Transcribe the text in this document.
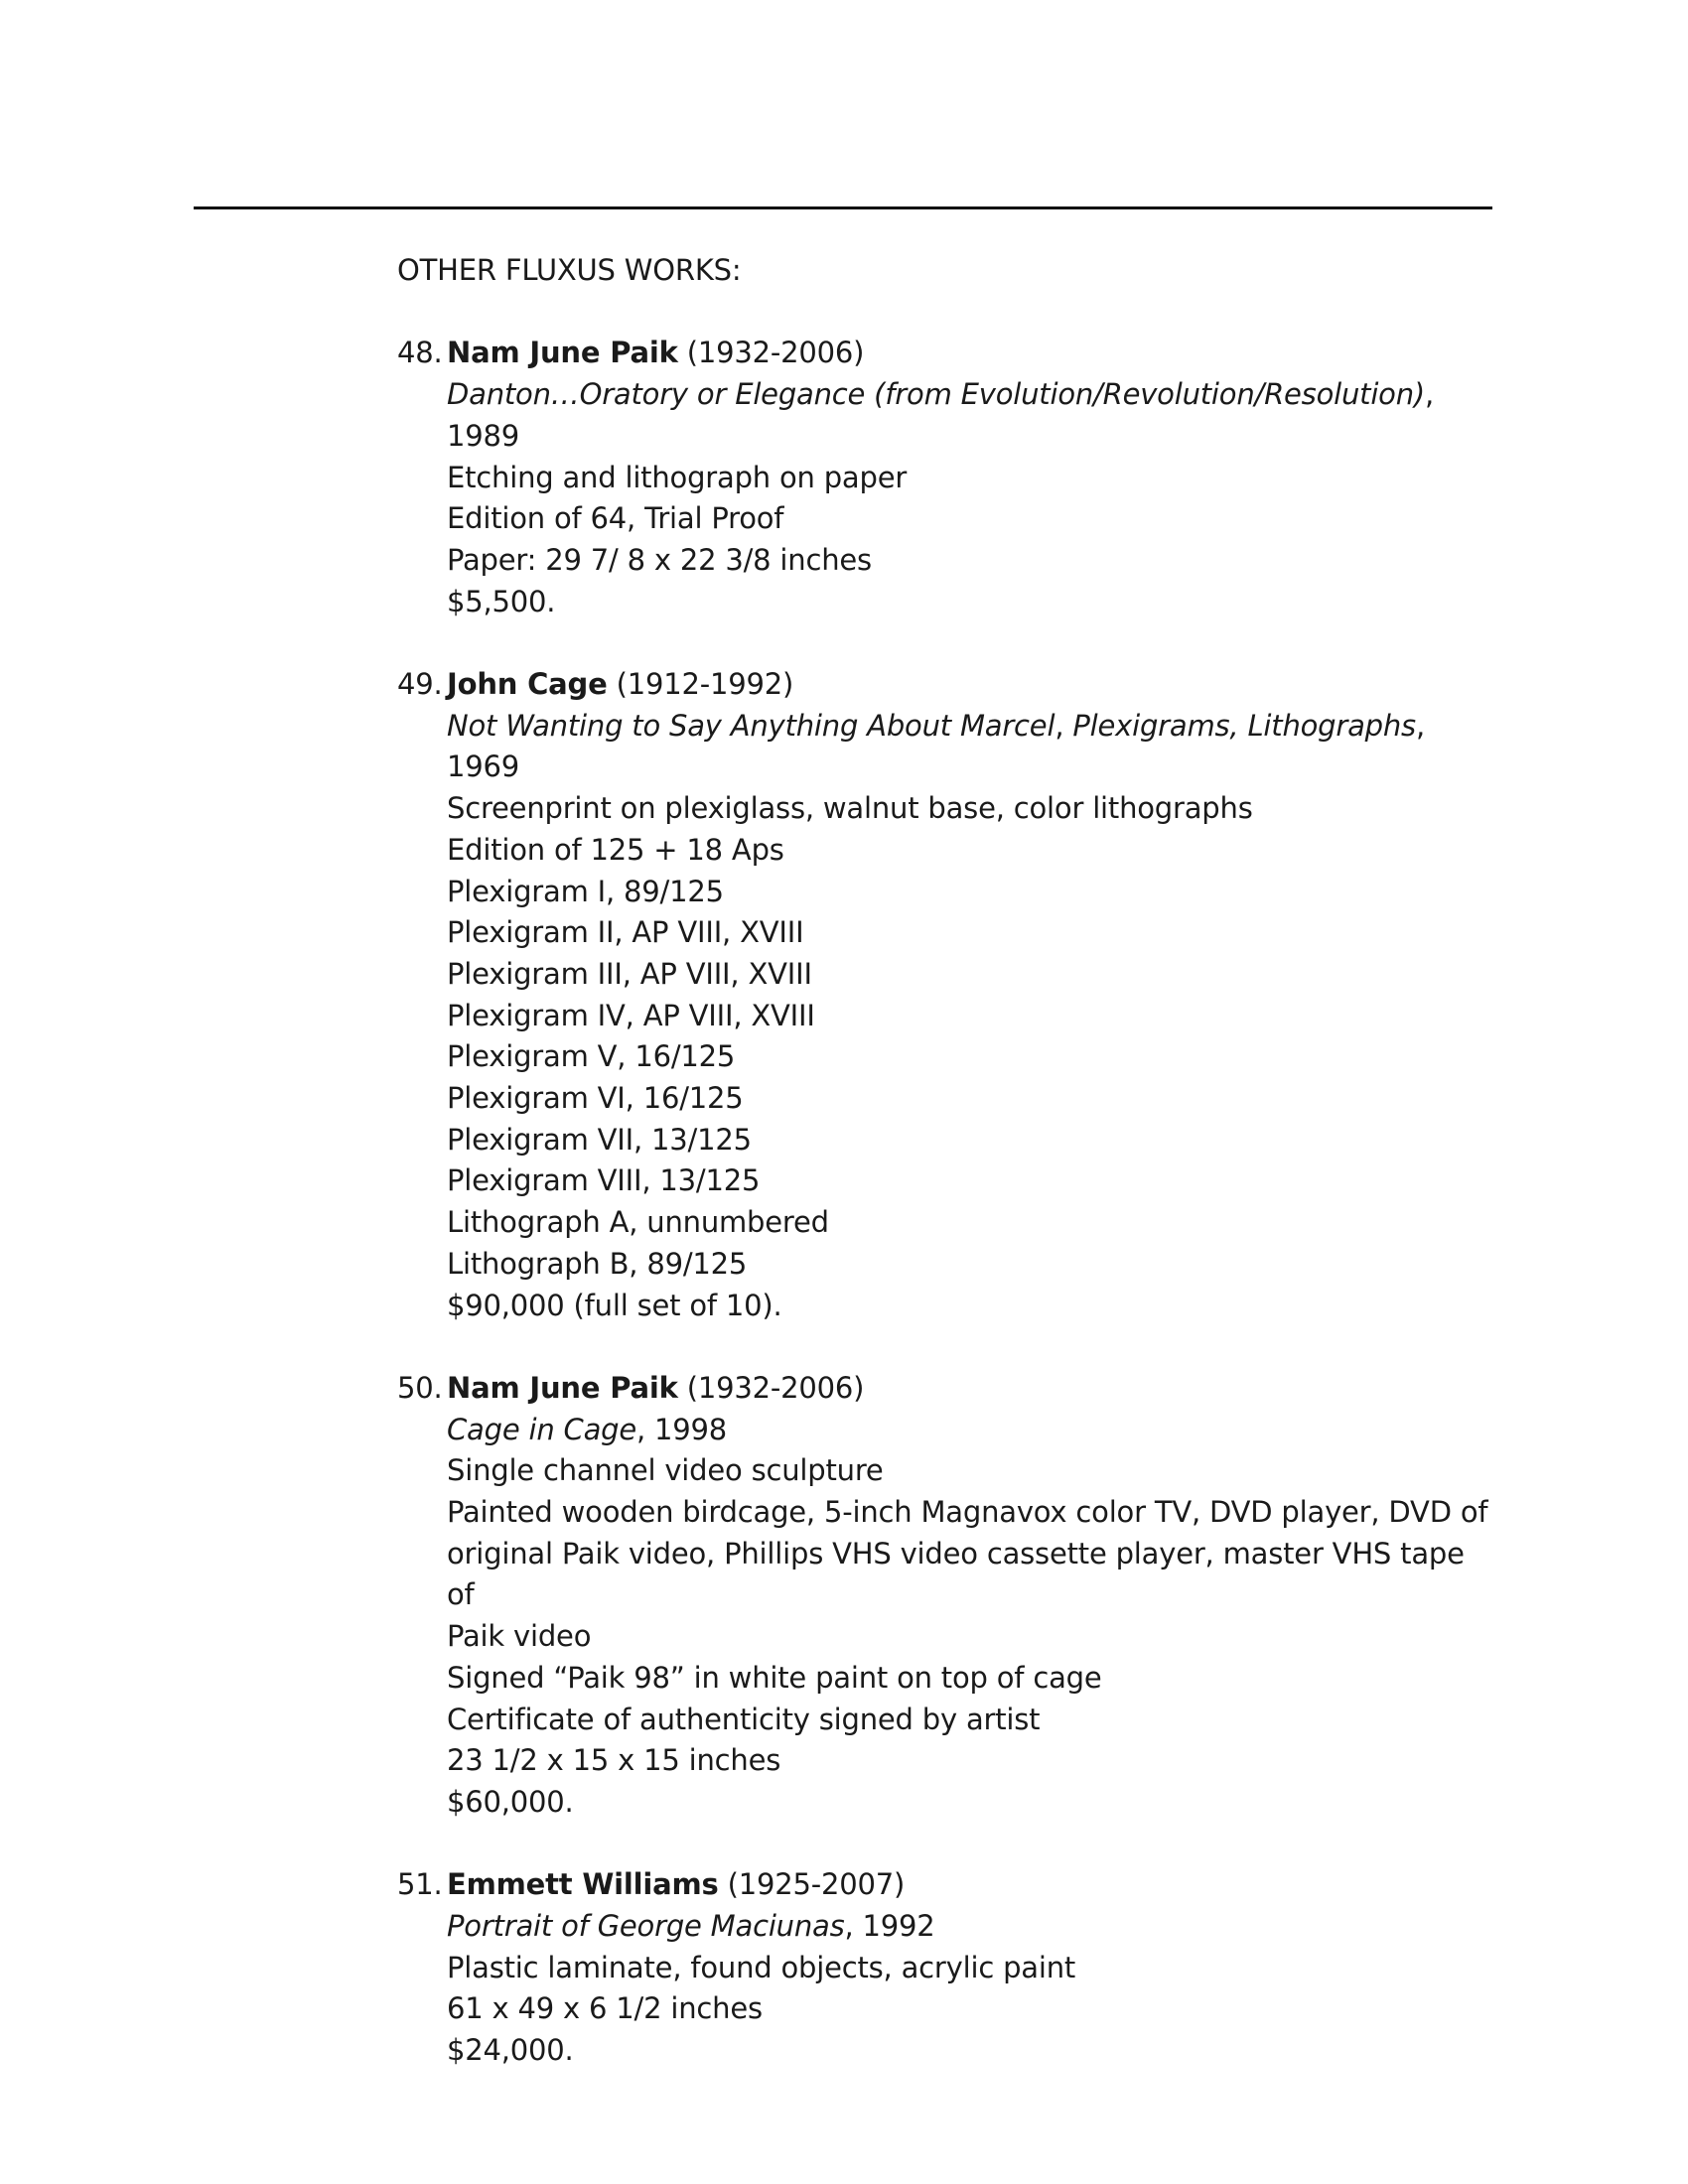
OTHER FLUXUS WORKS:
48. Nam June Paik (1932-2006)
Danton…Oratory or Elegance (from Evolution/Revolution/Resolution), 1989
Etching and lithograph on paper
Edition of 64, Trial Proof
Paper: 29 7/ 8 x 22 3/8 inches
$5,500.
49. John Cage (1912-1992)
Not Wanting to Say Anything About Marcel, Plexigrams, Lithographs, 1969
Screenprint on plexiglass, walnut base, color lithographs
Edition of 125 + 18 Aps
Plexigram I, 89/125
Plexigram II, AP VIII, XVIII
Plexigram III, AP VIII, XVIII
Plexigram IV, AP VIII, XVIII
Plexigram V, 16/125
Plexigram VI, 16/125
Plexigram VII, 13/125
Plexigram VIII, 13/125
Lithograph A, unnumbered
Lithograph B, 89/125
$90,000 (full set of 10).
50. Nam June Paik (1932-2006)
Cage in Cage, 1998
Single channel video sculpture
Painted wooden birdcage, 5-inch Magnavox color TV, DVD player, DVD of
original Paik video, Phillips VHS video cassette player, master VHS tape of
Paik video
Signed “Paik 98” in white paint on top of cage
Certificate of authenticity signed by artist
23 1/2 x 15 x 15 inches
$60,000.
51. Emmett Williams (1925-2007)
Portrait of George Maciunas, 1992
Plastic laminate, found objects, acrylic paint
61 x 49 x 6 1/2 inches
$24,000.
